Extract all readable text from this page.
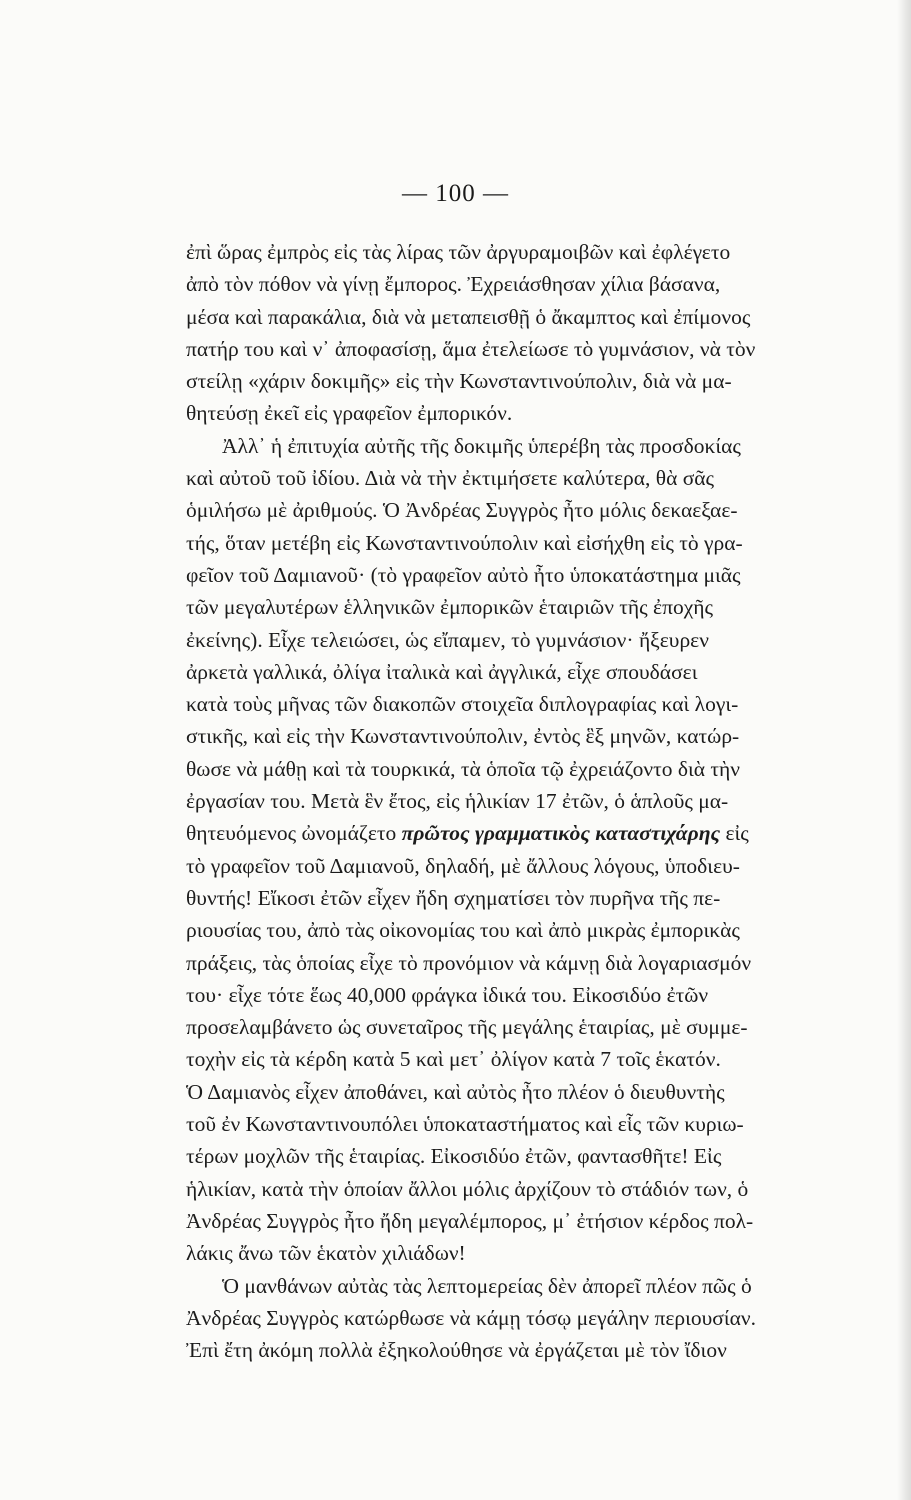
— 100 —
ἐπὶ ὥρας ἐμπρὸς εἰς τὰς λίρας τῶν ἀργυραμοιβῶν καὶ ἐφλέγετο
ἀπὸ τὸν πόθον νὰ γίνῃ ἔμπορος. Ἐχρειάσθησαν χίλια βάσανα,
μέσα καὶ παρακάλια, διὰ νὰ μεταπεισθῇ ὁ ἄκαμπτος καὶ ἐπίμονος
πατήρ του καὶ ν᾽ ἀποφασίσῃ, ἅμα ἐτελείωσε τὸ γυμνάσιον, νὰ τὸν
στείλῃ «χάριν δοκιμῆς» εἰς τὴν Κωνσταντινούπολιν, διὰ νὰ μα-
θητεύσῃ ἐκεῖ εἰς γραφεῖον ἐμπορικόν.
Ἀλλ᾽ ἡ ἐπιτυχία αὐτῆς τῆς δοκιμῆς ὑπερέβη τὰς προσδοκίας
καὶ αὐτοῦ τοῦ ἰδίου. Διὰ νὰ τὴν ἐκτιμήσετε καλύτερα, θὰ σᾶς
ὁμιλήσω μὲ ἀριθμούς. Ὁ Ἀνδρέας Συγγρὸς ἦτο μόλις δεκαεξαε-
τής, ὅταν μετέβη εἰς Κωνσταντινούπολιν καὶ εἰσήχθη εἰς τὸ γρα-
φεῖον τοῦ Δαμιανοῦ· (τὸ γραφεῖον αὐτὸ ἦτο ὑποκατάστημα μιᾶς
τῶν μεγαλυτέρων ἑλληνικῶν ἐμπορικῶν ἑταιριῶν τῆς ἐποχῆς
ἐκείνης). Εἶχε τελειώσει, ὡς εἴπαμεν, τὸ γυμνάσιον· ἤξευρεν
ἀρκετὰ γαλλικά, ὀλίγα ἰταλικὰ καὶ ἀγγλικά, εἶχε σπουδάσει
κατὰ τοὺς μῆνας τῶν διακοπῶν στοιχεῖα διπλογραφίας καὶ λογι-
στικῆς, καὶ εἰς τὴν Κωνσταντινούπολιν, ἐντὸς ἓξ μηνῶν, κατώρ-
θωσε νὰ μάθῃ καὶ τὰ τουρκικά, τὰ ὁποῖα τῷ ἐχρειάζοντο διὰ τὴν
ἐργασίαν του. Μετὰ ἓν ἔτος, εἰς ἡλικίαν 17 ἐτῶν, ὁ ἁπλοῦς μα-
θητευόμενος ὠνομάζετο πρῶτος γραμματικὸς καταστιχάρης εἰς
τὸ γραφεῖον τοῦ Δαμιανοῦ, δηλαδή, μὲ ἄλλους λόγους, ὑποδιευ-
θυντής! Εἴκοσι ἐτῶν εἶχεν ἤδη σχηματίσει τὸν πυρῆνα τῆς πε-
ριουσίας του, ἀπὸ τὰς οἰκονομίας του καὶ ἀπὸ μικρὰς ἐμπορικὰς
πράξεις, τὰς ὁποίας εἶχε τὸ προνόμιον νὰ κάμνῃ διὰ λογαριασμόν
του· εἶχε τότε ἕως 40,000 φράγκα ἰδικά του. Εἰκοσιδύο ἐτῶν
προσελαμβάνετο ὡς συνεταῖρος τῆς μεγάλης ἑταιρίας, μὲ συμμε-
τοχὴν εἰς τὰ κέρδη κατὰ 5 καὶ μετ᾽ ὀλίγον κατὰ 7 τοῖς ἑκατόν.
Ὁ Δαμιανὸς εἶχεν ἀποθάνει, καὶ αὐτὸς ἦτο πλέον ὁ διευθυντὴς
τοῦ ἐν Κωνσταντινουπόλει ὑποκαταστήματος καὶ εἷς τῶν κυριω-
τέρων μοχλῶν τῆς ἑταιρίας. Εἰκοσιδύο ἐτῶν, φαντασθῆτε! Εἰς
ἡλικίαν, κατὰ τὴν ὁποίαν ἄλλοι μόλις ἀρχίζουν τὸ στάδιόν των, ὁ
Ἀνδρέας Συγγρὸς ἦτο ἤδη μεγαλέμπορος, μ᾽ ἐτήσιον κέρδος πολ-
λάκις ἄνω τῶν ἑκατὸν χιλιάδων!
Ὁ μανθάνων αὐτὰς τὰς λεπτομερείας δὲν ἀπορεῖ πλέον πῶς ὁ
Ἀνδρέας Συγγρὸς κατώρθωσε νὰ κάμῃ τόσῳ μεγάλην περιουσίαν.
Ἐπὶ ἔτη ἀκόμη πολλὰ ἐξηκολούθησε νὰ ἐργάζεται μὲ τὸν ἴδιον
